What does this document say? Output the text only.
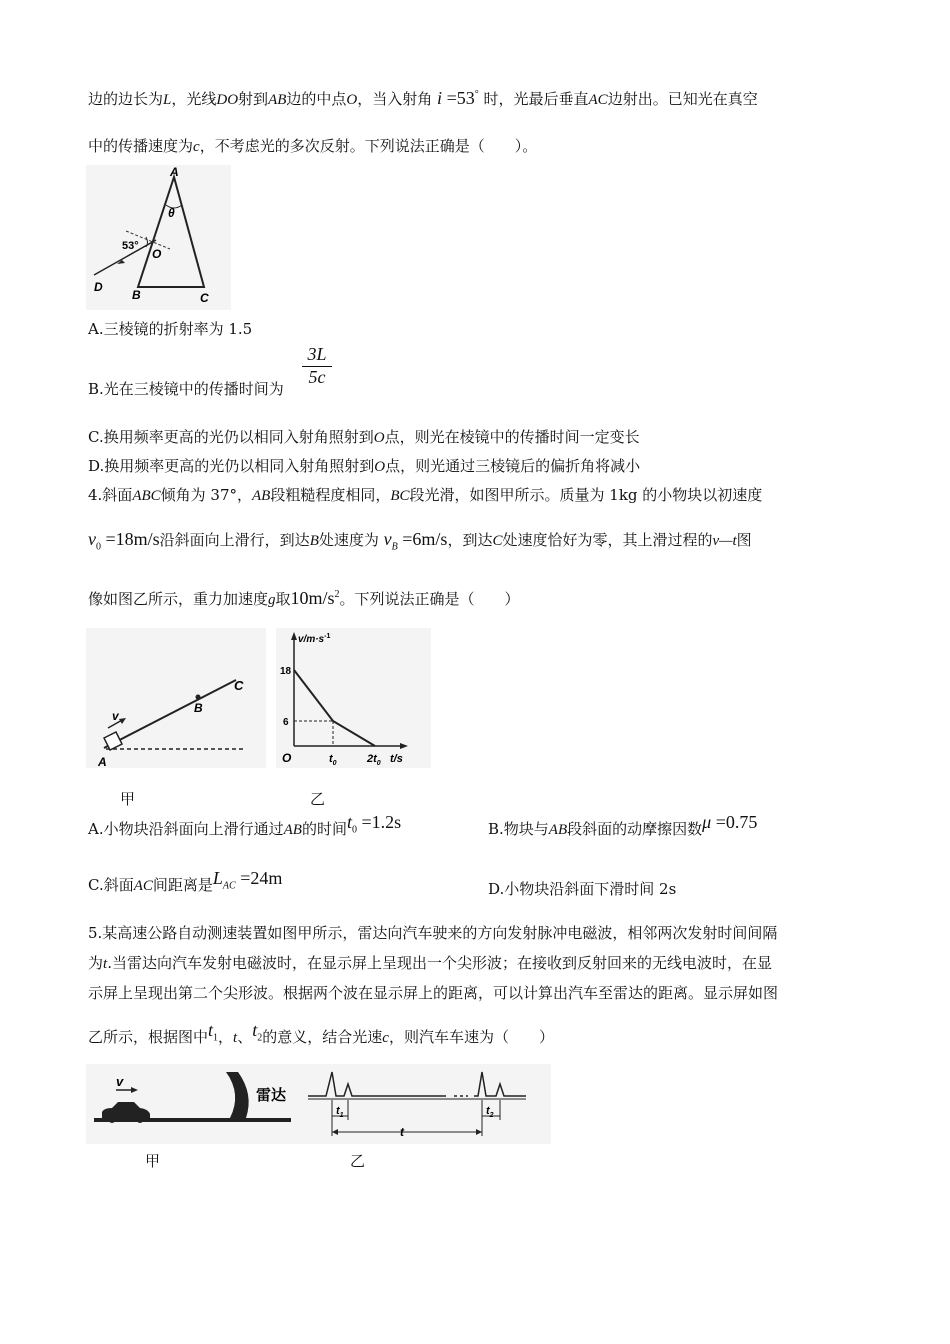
边的边长为L，光线DO射到AB边的中点O，当入射角 i =53° 时，光最后垂直AC边射出。已知光在真空
中的传播速度为c，不考虑光的多次反射。下列说法正确是（　　）。
A
θ
53°
O
D
B	C
A.三棱镜的折射率为 1.5
B.光在三棱镜中的传播时间为
3L
5c
C.换用频率更高的光仍以相同入射角照射到O点，则光在棱镜中的传播时间一定变长
D.换用频率更高的光仍以相同入射角照射到O点，则光通过三棱镜后的偏折角将减小
4.斜面ABC倾角为 37°，AB段粗糙程度相同，BC段光滑，如图甲所示。质量为 1kg 的小物块以初速度
$v_0 =18m/s$沿斜面向上滑行，到达B处速度为 $v_B =6m/s$，到达C处速度恰好为零，其上滑过程的v—t图
像如图乙所示，重力加速度g取$10m/s^2$。下列说法正确是（　　）
v
A
B
C
$v/m\cdot s^{-1}$
18
6
O	$t_0$	$2t_0$ t/s
甲	乙
A.小物块沿斜面向上滑行通过AB的时间$t_0 =1.2s$	B.物块与AB段斜面的动摩擦因数μ =0.75
C.斜面AC间距离是$L_{AC} =24m$
D.小物块沿斜面下滑时间 2s
5.某高速公路自动测速装置如图甲所示，雷达向汽车驶来的方向发射脉冲电磁波，相邻两次发射时间间隔
为t.当雷达向汽车发射电磁波时，在显示屏上呈现出一个尖形波；在接收到反射回来的无线电波时，在显
示屏上呈现出第二个尖形波。根据两个波在显示屏上的距离，可以计算出汽车至雷达的距离。显示屏如图
乙所示，根据图中$t_1$，t、$t_2$的意义，结合光速c，则汽车车速为（　　）
v
雷达
$t_1$	$t_2$
t
甲	乙
